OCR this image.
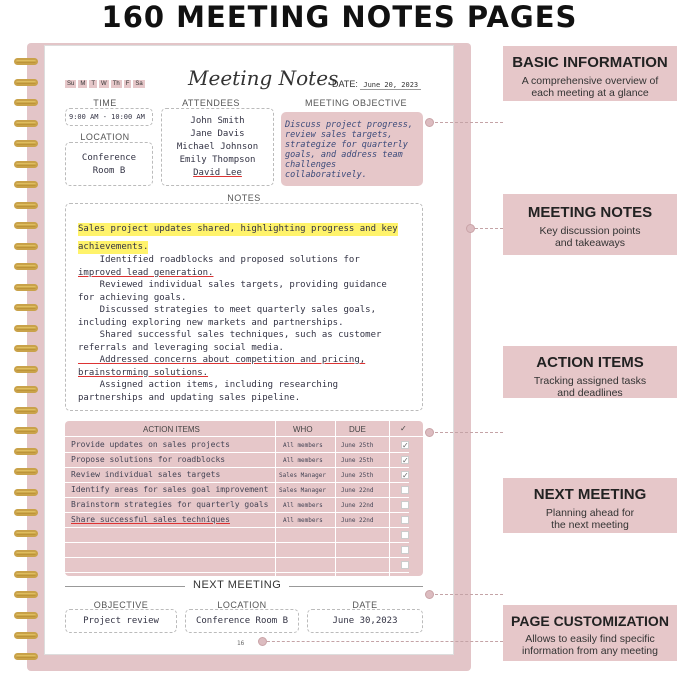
160 MEETING NOTES PAGES
Su	M	T	W	Th	F	Sa Meeting Notes
DATE: June 20, 2023
TIME
9:00 AM - 10:00 AM
LOCATION
Conference Room B
ATTENDEES
John Smith
Jane Davis
Michael Johnson
Emily Thompson
David Lee
MEETING OBJECTIVE
Discuss project progress, review sales targets, strategize for quarterly goals, and address team challenges collaboratively.
NOTES
Sales project updates shared, highlighting progress and key
achievements.
Identified roadblocks and proposed solutions for
improved lead generation.
Reviewed individual sales targets, providing guidance
for achieving goals.
Discussed strategies to meet quarterly sales goals,
including exploring new markets and partnerships.
Shared successful sales techniques, such as customer
referrals and leveraging social media.
Addressed concerns about competition and pricing,
brainstorming solutions.
Assigned action items, including researching
partnerships and updating sales pipeline.
ACTION ITEMS	WHO	DUE	✓
Provide updates on sales projects	All members	June 25th	✓
Propose solutions for roadblocks	All members	June 25th	✓
Review individual sales targets	Sales Manager	June 25th	✓
Identify areas for sales goal improvement Sales Manager	June 22nd
Brainstorm strategies for quarterly goals All members	June 22nd
Share successful sales techniques	All members	June 22nd
NEXT MEETING
OBJECTIVE
Project review
LOCATION
Conference Room B
DATE
June 30,2023
16
BASIC INFORMATION
A comprehensive overview of each meeting at a glance
MEETING NOTES
Key discussion points and takeaways
ACTION ITEMS
Tracking assigned tasks and deadlines
NEXT MEETING
Planning ahead for the next meeting
PAGE CUSTOMIZATION
Allows to easily find specific information from any meeting
